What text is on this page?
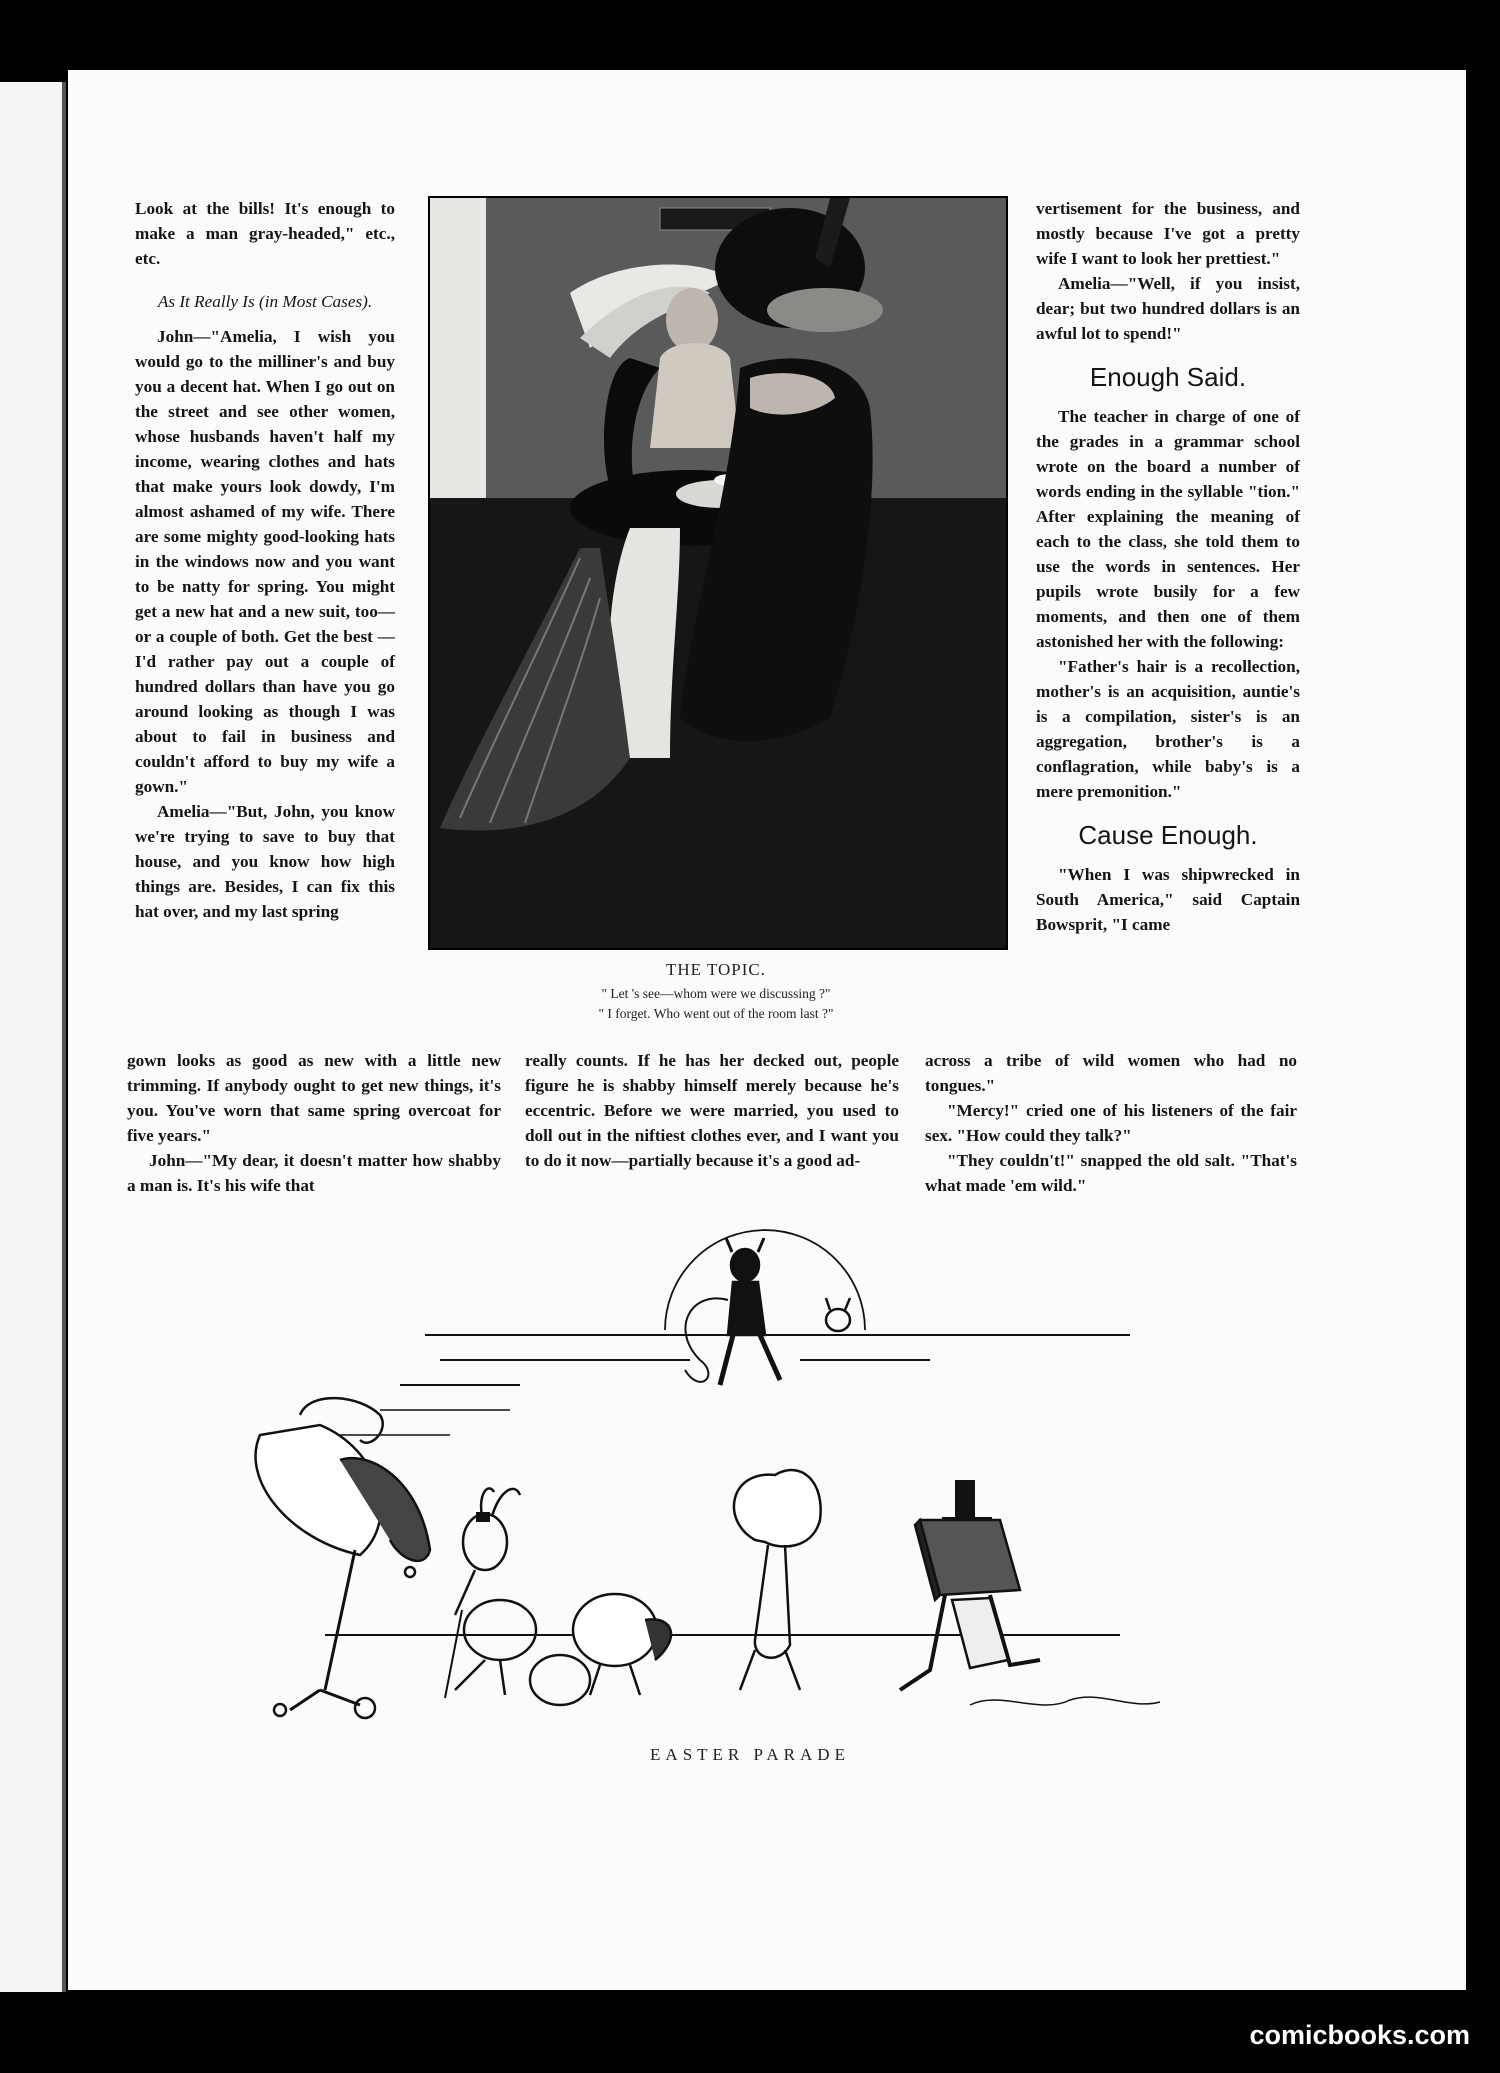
Look at the bills! It's enough to make a man gray-headed," etc., etc.

As It Really Is (in Most Cases).

John—"Amelia, I wish you would go to the milliner's and buy you a decent hat. When I go out on the street and see other women, whose husbands haven't half my income, wearing clothes and hats that make yours look dowdy, I'm almost ashamed of my wife. There are some mighty good-looking hats in the windows now and you want to be natty for spring. You might get a new hat and a new suit, too—or a couple of both. Get the best —I'd rather pay out a couple of hundred dollars than have you go around looking as though I was about to fail in business and couldn't afford to buy my wife a gown."

Amelia—"But, John, you know we're trying to save to buy that house, and you know how high things are. Besides, I can fix this hat over, and my last spring

THE TOPIC.
" Let 's see—whom were we discussing ?"
" I forget. Who went out of the room last ?"

vertisement for the business, and mostly because I've got a pretty wife I want to look her prettiest."

Amelia—"Well, if you insist, dear; but two hundred dollars is an awful lot to spend!"

Enough Said.

The teacher in charge of one of the grades in a grammar school wrote on the board a number of words ending in the syllable "tion." After explaining the meaning of each to the class, she told them to use the words in sentences. Her pupils wrote busily for a few moments, and then one of them astonished her with the following:

"Father's hair is a recollection, mother's is an acquisition, auntie's is a compilation, sister's is an aggregation, brother's is a conflagration, while baby's is a mere premonition."

Cause Enough.

"When I was shipwrecked in South America," said Captain Bowsprit, "I came

gown looks as good as new with a little new trimming. If anybody ought to get new things, it's you. You've worn that same spring overcoat for five years."

John—"My dear, it doesn't matter how shabby a man is. It's his wife that

really counts. If he has her decked out, people figure he is shabby himself merely because he's eccentric. Before we were married, you used to doll out in the niftiest clothes ever, and I want you to do it now—partially because it's a good ad-

across a tribe of wild women who had no tongues."

"Mercy!" cried one of his listeners of the fair sex. "How could they talk?"

"They couldn't!" snapped the old salt. "That's what made 'em wild."

EASTER PARADE
comicbooks.com
